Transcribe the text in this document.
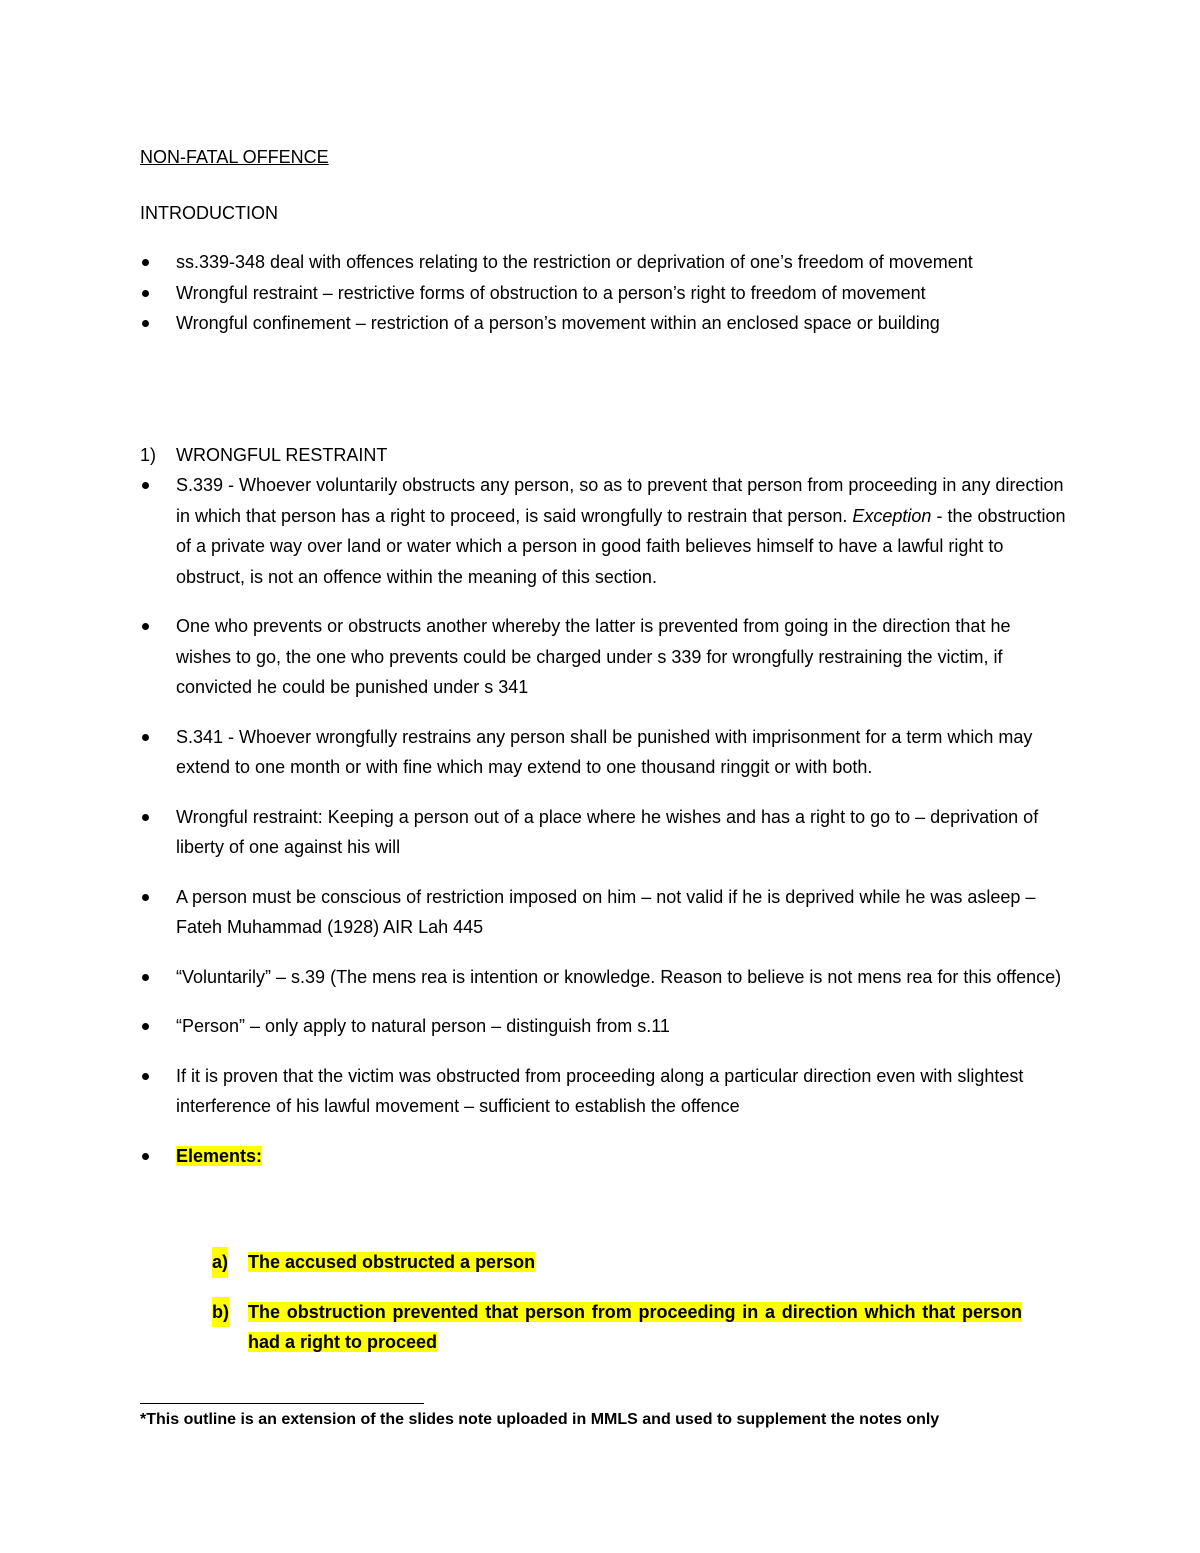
NON-FATAL OFFENCE
INTRODUCTION
ss.339-348 deal with offences relating to the restriction or deprivation of one’s freedom of movement
Wrongful restraint – restrictive forms of obstruction to a person’s right to freedom of movement
Wrongful confinement – restriction of a person’s movement within an enclosed space or building
1) WRONGFUL RESTRAINT
S.339 - Whoever voluntarily obstructs any person, so as to prevent that person from proceeding in any direction in which that person has a right to proceed, is said wrongfully to restrain that person. Exception - the obstruction of a private way over land or water which a person in good faith believes himself to have a lawful right to obstruct, is not an offence within the meaning of this section.
One who prevents or obstructs another whereby the latter is prevented from going in the direction that he wishes to go, the one who prevents could be charged under s 339 for wrongfully restraining the victim, if convicted he could be punished under s 341
S.341 - Whoever wrongfully restrains any person shall be punished with imprisonment for a term which may extend to one month or with fine which may extend to one thousand ringgit or with both.
Wrongful restraint: Keeping a person out of a place where he wishes and has a right to go to – deprivation of liberty of one against his will
A person must be conscious of restriction imposed on him – not valid if he is deprived while he was asleep – Fateh Muhammad (1928) AIR Lah 445
“Voluntarily” – s.39 (The mens rea is intention or knowledge. Reason to believe is not mens rea for this offence)
“Person” – only apply to natural person – distinguish from s.11
If it is proven that the victim was obstructed from proceeding along a particular direction even with slightest interference of his lawful movement – sufficient to establish the offence
Elements:
a) The accused obstructed a person
b) The obstruction prevented that person from proceeding in a direction which that person had a right to proceed
*This outline is an extension of the slides note uploaded in MMLS and used to supplement the notes only
